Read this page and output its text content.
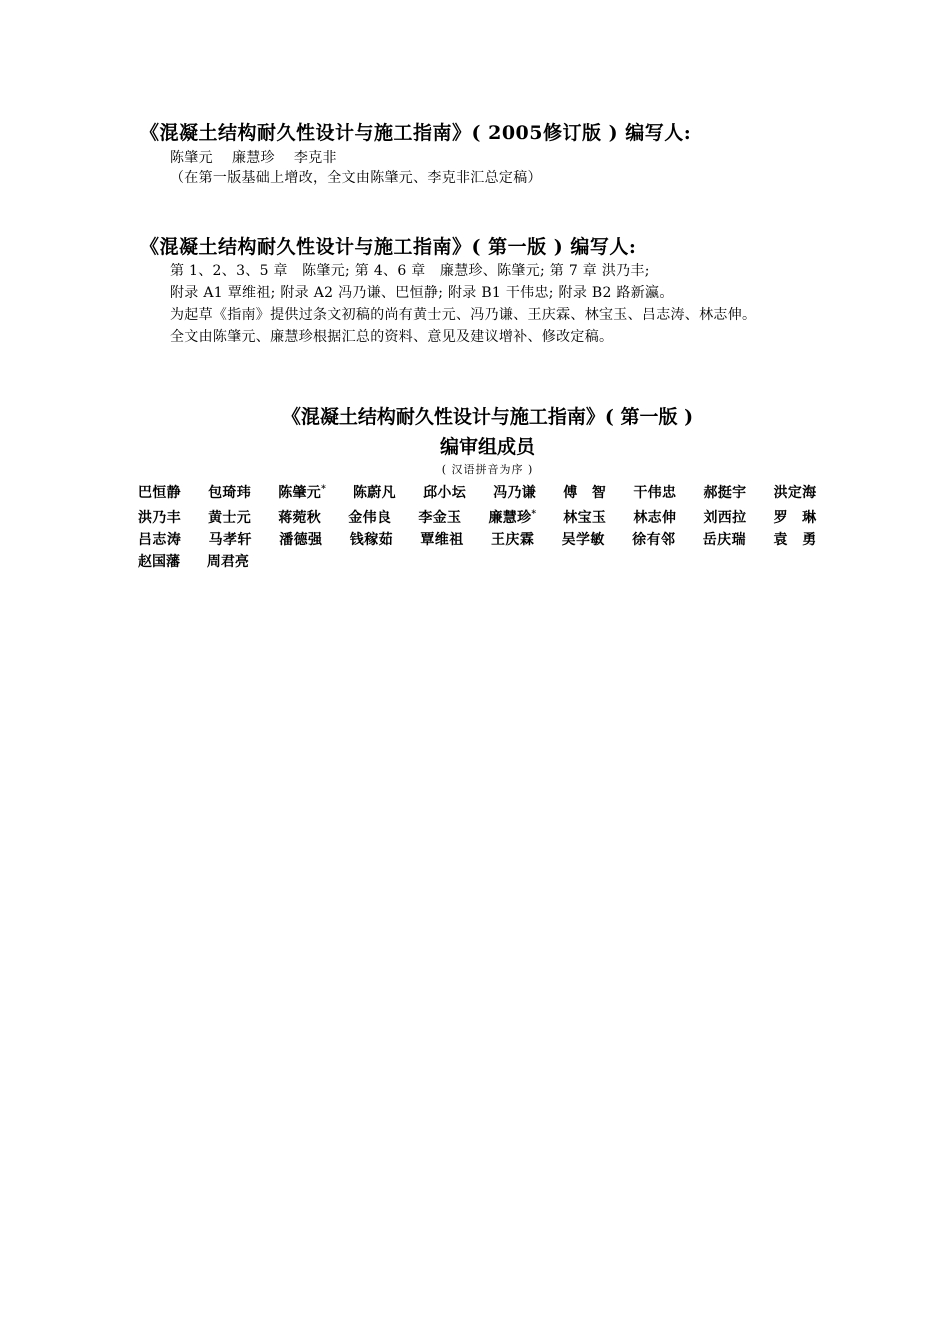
《混凝土结构耐久性设计与施工指南》( 2005修订版 ) 编写人:
陈肇元　 廉慧珍　 李克非
（在第一版基础上增改，全文由陈肇元、李克非汇总定稿）
《混凝土结构耐久性设计与施工指南》( 第一版 ) 编写人:
第 1、2、3、5 章　陈肇元; 第 4、6 章　廉慧珍、陈肇元; 第 7 章 洪乃丰;
附录 A1 覃维祖; 附录 A2 冯乃谦、巴恒静; 附录 B1 干伟忠; 附录 B2 路新瀛。
为起草《指南》提供过条文初稿的尚有黄士元、冯乃谦、王庆霖、林宝玉、吕志涛、林志伸。
全文由陈肇元、廉慧珍根据汇总的资料、意见及建议增补、修改定稿。
《混凝土结构耐久性设计与施工指南》( 第一版 )
编审组成员
( 汉语拼音为序 )
巴恒静 包琦玮 陈肇元* 陈蔚凡 邱小坛 冯乃谦 傅　智 干伟忠 郝挺宇 洪定海 洪乃丰 黄士元 蒋菀秋 金伟良 李金玉 廉慧珍* 林宝玉 林志伸 刘西拉 罗　琳 吕志涛 马孝轩 潘德强 钱稼茹 覃维祖 王庆霖 吴学敏 徐有邻 岳庆瑞 袁　勇 赵国藩 周君亮
